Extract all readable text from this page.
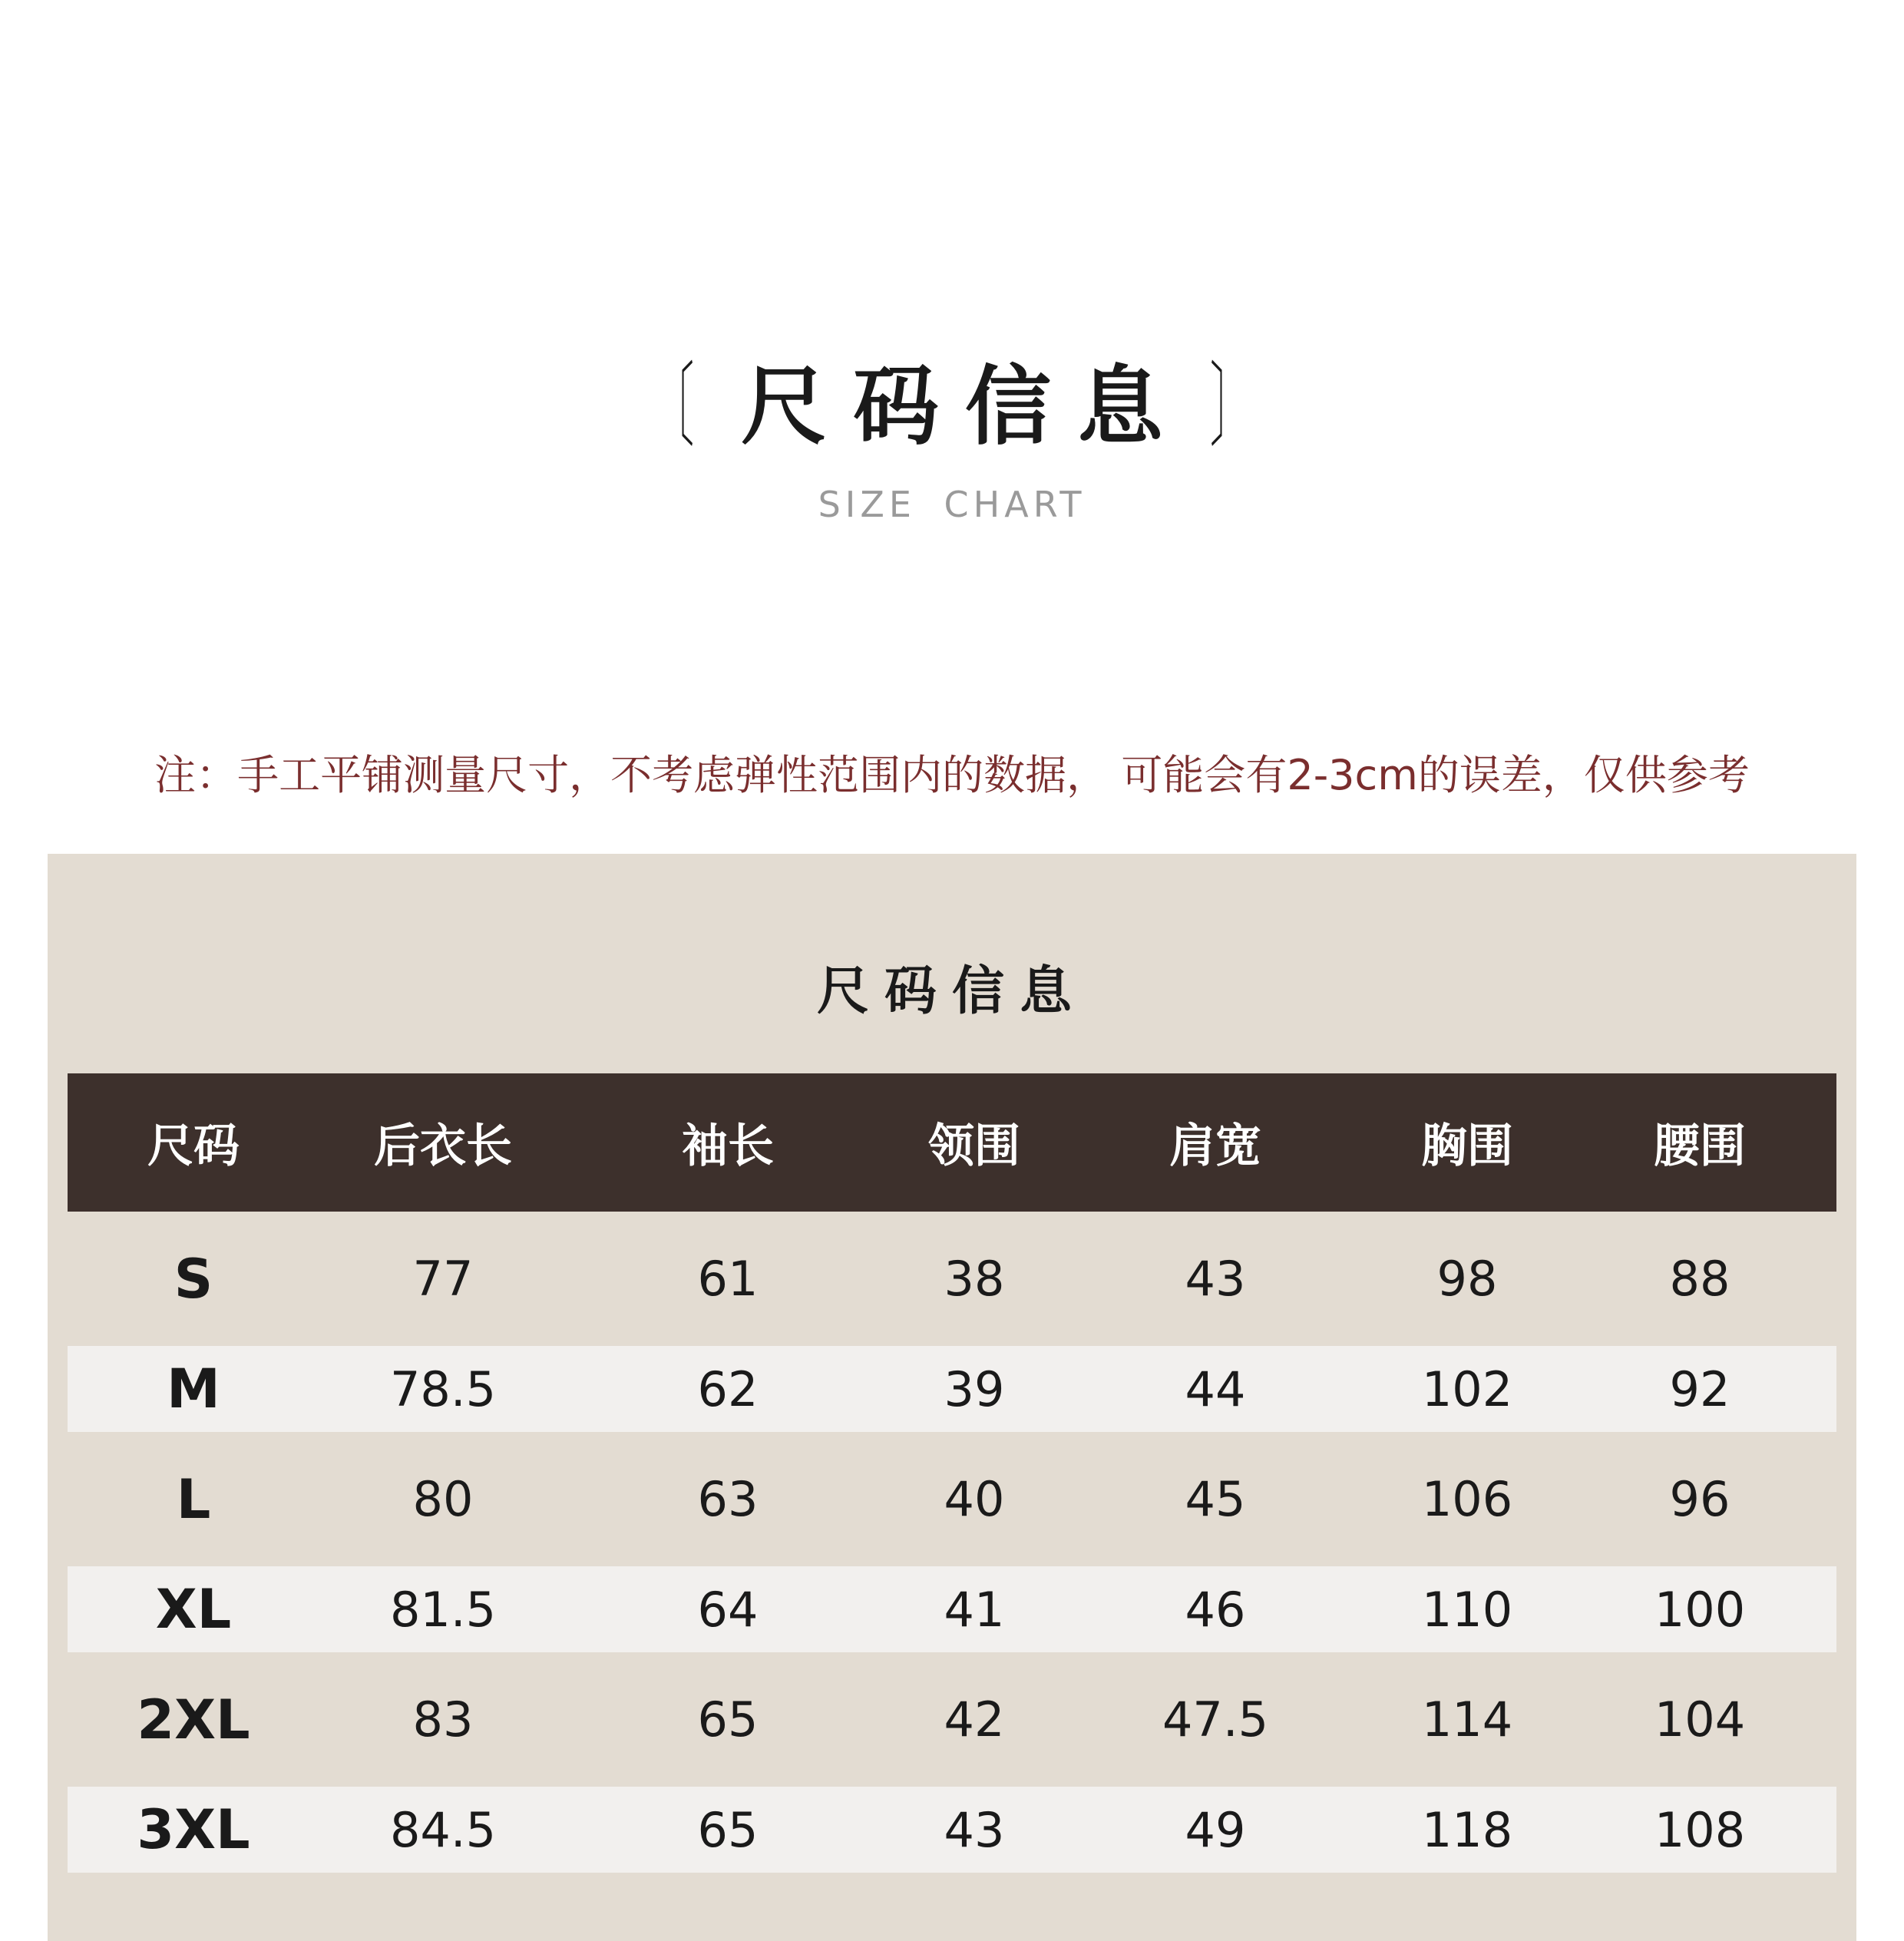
〔 尺码信息 〕
SIZE CHART
注：手工平铺测量尺寸，不考虑弹性范围内的数据， 可能会有2-3cm的误差，仅供参考
尺码信息
尺码	后衣长	袖长	领围	肩宽	胸围	腰围
S	77	61	38	43	98	88
M	78.5	62	39	44	102	92
L	80	63	40	45	106	96
XL	81.5	64	41	46	110	100
2XL	83	65	42	47.5	114	104
3XL	84.5	65	43	49	118	108
